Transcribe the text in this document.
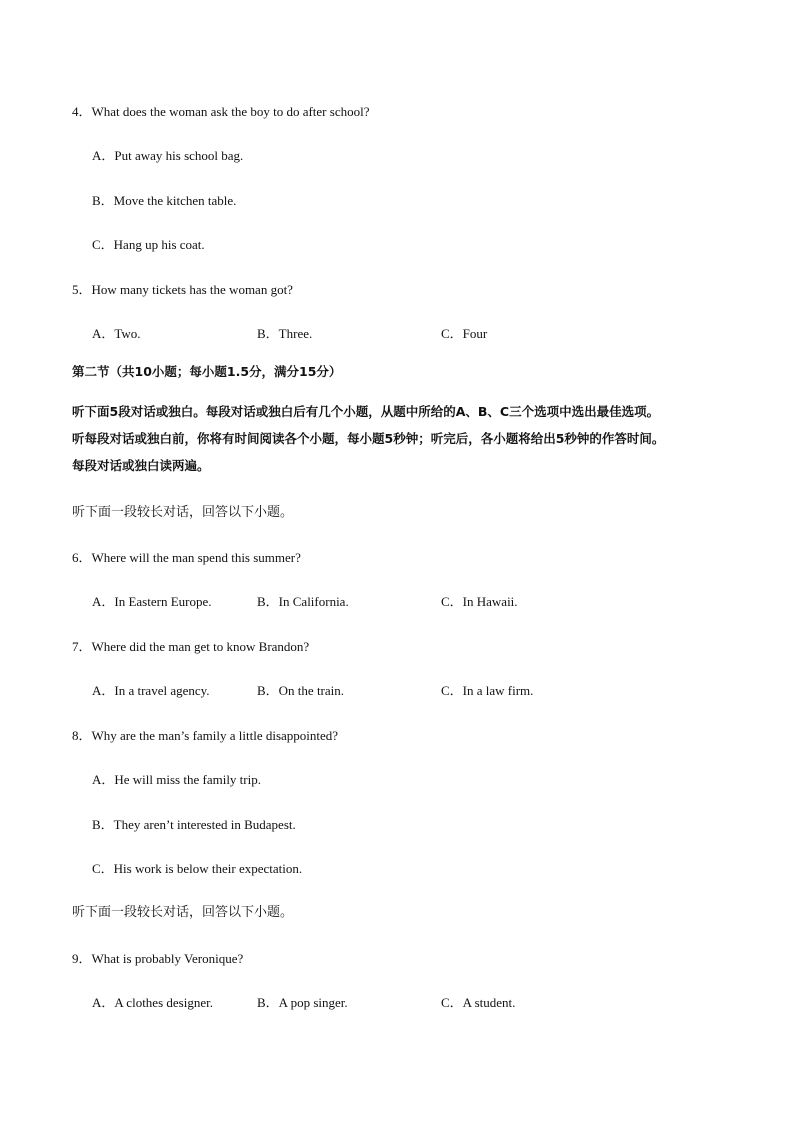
4．What does the woman ask the boy to do after school?
A．Put away his school bag.
B．Move the kitchen table.
C．Hang up his coat.
5．How many tickets has the woman got?
A．Two.	B．Three.	C．Four
第二节（共10小题；每小题1.5分，满分15分）
听下面5段对话或独白。每段对话或独白后有几个小题，从题中所给的A、B、C三个选项中选出最佳选项。
听每段对话或独白前，你将有时间阅读各个小题，每小题5秒钟；听完后，各小题将给出5秒钟的作答时间。
每段对话或独白读两遍。
听下面一段较长对话，回答以下小题。
6．Where will the man spend this summer?
A．In Eastern Europe.	B．In California.	C．In Hawaii.
7．Where did the man get to know Brandon?
A．In a travel agency.	B．On the train.	C．In a law firm.
8．Why are the man’s family a little disappointed?
A．He will miss the family trip.
B．They aren’t interested in Budapest.
C．His work is below their expectation.
听下面一段较长对话，回答以下小题。
9．What is probably Veronique?
A．A clothes designer.	B．A pop singer.	C．A student.
